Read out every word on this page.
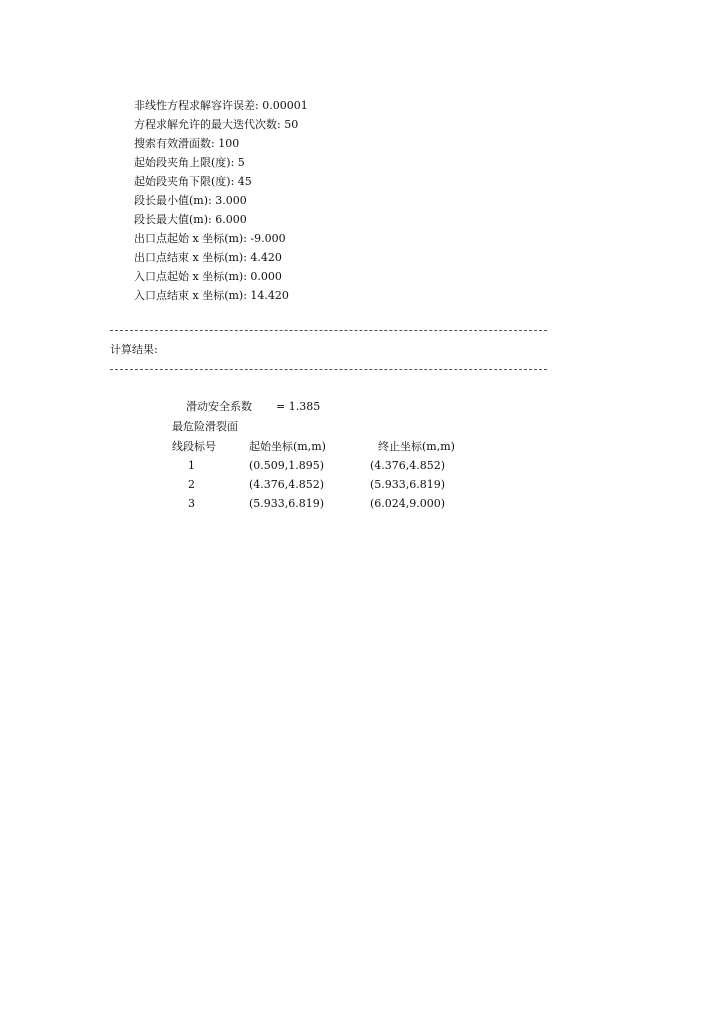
非线性方程求解容许误差: 0.00001
方程求解允许的最大迭代次数: 50
搜索有效滑面数: 100
起始段夹角上限(度): 5
起始段夹角下限(度): 45
段长最小值(m): 3.000
段长最大值(m): 6.000
出口点起始 x 坐标(m): -9.000
出口点结束 x 坐标(m): 4.420
入口点起始 x 坐标(m): 0.000
入口点结束 x 坐标(m): 14.420
计算结果:

滑动安全系数 = 1.385

最危险滑裂面
线段标号	起始坐标(m,m)	终止坐标(m,m)
1	(0.509,1.895)	(4.376,4.852)
2	(4.376,4.852)	(5.933,6.819)
3	(5.933,6.819)	(6.024,9.000)
